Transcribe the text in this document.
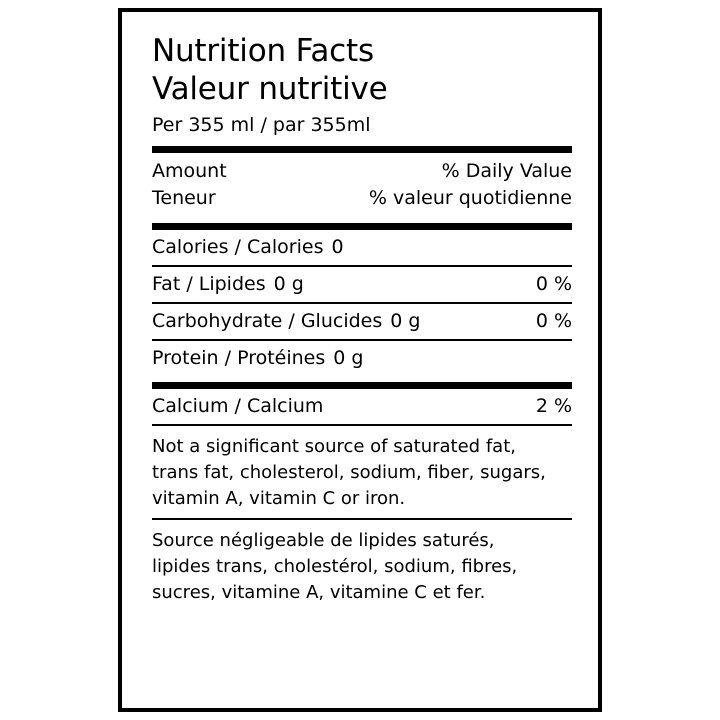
Nutrition Facts
Valeur nutritive
Per 355 ml / par 355ml
Amount	% Daily Value
Teneur	% valeur quotidienne
Calories / Calories 0
Fat / Lipides 0 g	0 %
Carbohydrate / Glucides 0 g	0 %
Protein / Protéines 0 g
Calcium / Calcium	2 %
Not a significant source of saturated fat,
trans fat, cholesterol, sodium, fiber, sugars,
vitamin A, vitamin C or iron.
Source négligeable de lipides saturés,
lipides trans, cholestérol, sodium, fibres,
sucres, vitamine A, vitamine C et fer.
